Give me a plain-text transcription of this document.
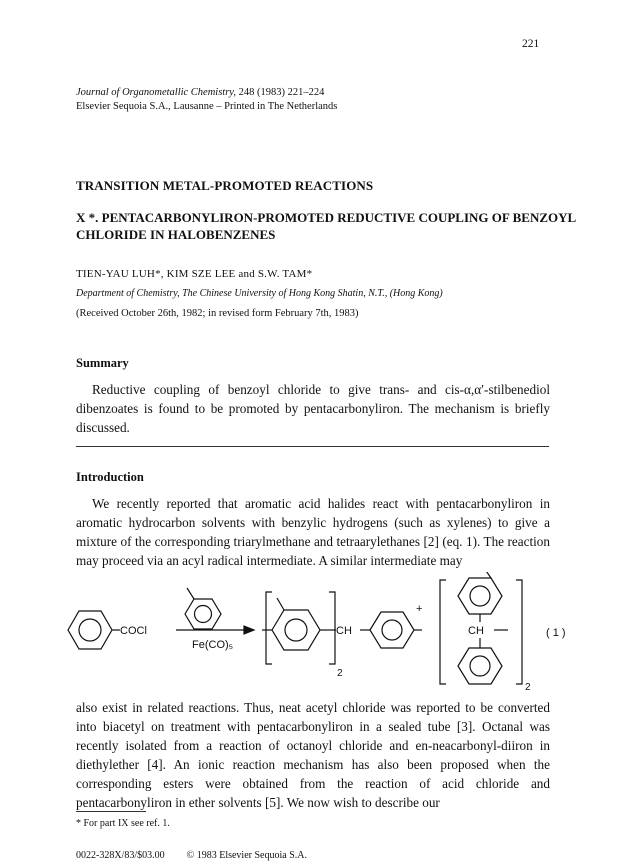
221
Journal of Organometallic Chemistry, 248 (1983) 221–224
Elsevier Sequoia S.A., Lausanne – Printed in The Netherlands
TRANSITION METAL-PROMOTED REACTIONS
X *. PENTACARBONYLIRON-PROMOTED REDUCTIVE COUPLING OF BENZOYL CHLORIDE IN HALOBENZENES
TIEN-YAU LUH*, KIM SZE LEE and S.W. TAM*
Department of Chemistry, The Chinese University of Hong Kong Shatin, N.T., (Hong Kong)
(Received October 26th, 1982; in revised form February 7th, 1983)
Summary
Reductive coupling of benzoyl chloride to give trans- and cis-α,α′-stilbenediol dibenzoates is found to be promoted by pentacarbonyliron. The mechanism is briefly discussed.
Introduction
We recently reported that aromatic acid halides react with pentacarbonyliron in aromatic hydrocarbon solvents with benzylic hydrogens (such as xylenes) to give a mixture of the corresponding triarylmethane and tetraarylethanes [2] (eq. 1). The reaction may proceed via an acyl radical intermediate. A similar intermediate may
COCl
Fe(CO)₅
CH
+
CH
2
2
( 1 )
also exist in related reactions. Thus, neat acetyl chloride was reported to be converted into biacetyl on treatment with pentacarbonyliron in a sealed tube [3]. Octanal was recently isolated from a reaction of octanoyl chloride and en-neacarbonyl-diiron in diethylether [4]. An ionic reaction mechanism has also been proposed when the corresponding esters were obtained from the reaction of acid chloride and pentacarbonyliron in ether solvents [5]. We now wish to describe our
* For part IX see ref. 1.
0022-328X/83/$03.00 © 1983 Elsevier Sequoia S.A.
